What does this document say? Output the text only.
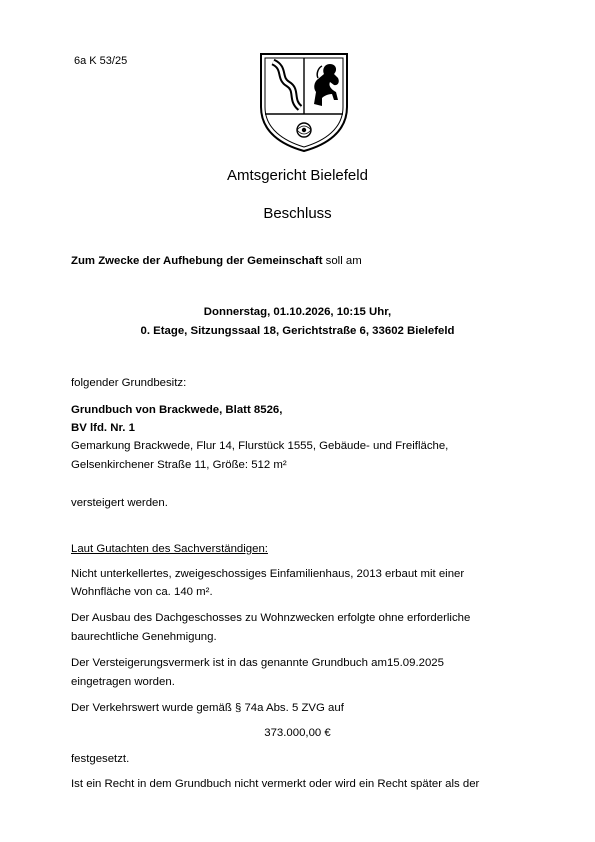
6a K 53/25
Amtsgericht Bielefeld
Beschluss
Zum Zwecke der Aufhebung der Gemeinschaft soll am
Donnerstag, 01.10.2026, 10:15 Uhr,
0. Etage, Sitzungssaal 18, Gerichtstraße 6, 33602 Bielefeld
folgender Grundbesitz:
Grundbuch von Brackwede, Blatt 8526,
BV lfd. Nr. 1
Gemarkung Brackwede, Flur 14, Flurstück 1555, Gebäude- und Freifläche,
Gelsenkirchener Straße 11, Größe: 512 m²
versteigert werden.
Laut Gutachten des Sachverständigen:
Nicht unterkellertes, zweigeschossiges Einfamilienhaus, 2013 erbaut mit einer
Wohnfläche von ca. 140 m².
Der Ausbau des Dachgeschosses zu Wohnzwecken erfolgte ohne erforderliche
baurechtliche Genehmigung.
Der Versteigerungsvermerk ist in das genannte Grundbuch am15.09.2025
eingetragen worden.
Der Verkehrswert wurde gemäß § 74a Abs. 5 ZVG auf
373.000,00 €
festgesetzt.
Ist ein Recht in dem Grundbuch nicht vermerkt oder wird ein Recht später als der
